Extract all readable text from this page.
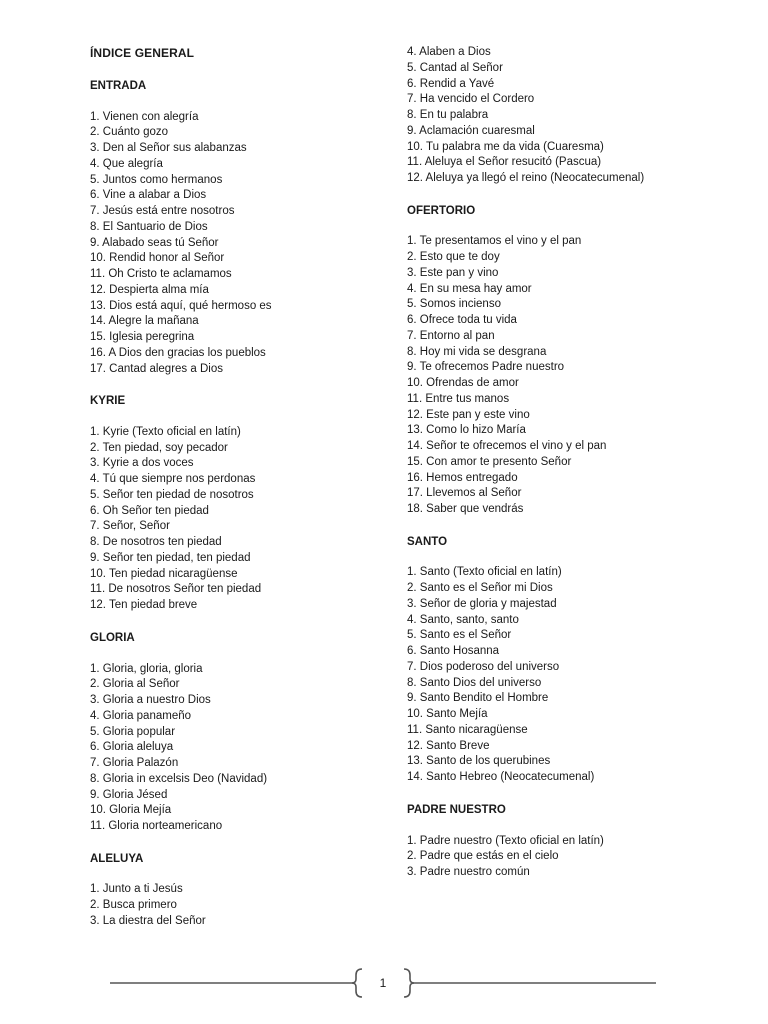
ÍNDICE GENERAL
ENTRADA
1. Vienen con alegría
2. Cuánto gozo
3. Den al Señor sus alabanzas
4. Que alegría
5. Juntos como hermanos
6. Vine a alabar a Dios
7. Jesús está entre nosotros
8. El Santuario de Dios
9. Alabado seas tú Señor
10. Rendid honor al Señor
11. Oh Cristo te aclamamos
12. Despierta alma mía
13. Dios está aquí, qué hermoso es
14. Alegre la mañana
15. Iglesia peregrina
16. A Dios den gracias los pueblos
17. Cantad alegres a Dios
KYRIE
1. Kyrie (Texto oficial en latín)
2. Ten piedad, soy pecador
3. Kyrie a dos voces
4. Tú que siempre nos perdonas
5. Señor ten piedad de nosotros
6. Oh Señor ten piedad
7. Señor, Señor
8. De nosotros ten piedad
9. Señor ten piedad, ten piedad
10. Ten piedad nicaragüense
11. De nosotros Señor ten piedad
12. Ten piedad breve
GLORIA
1. Gloria, gloria, gloria
2. Gloria al Señor
3. Gloria a nuestro Dios
4. Gloria panameño
5. Gloria popular
6. Gloria aleluya
7. Gloria Palazón
8. Gloria in excelsis Deo (Navidad)
9. Gloria Jésed
10. Gloria Mejía
11. Gloria norteamericano
ALELUYA
1. Junto a ti Jesús
2. Busca primero
3. La diestra del Señor
4. Alaben a Dios
5. Cantad al Señor
6. Rendid a Yavé
7. Ha vencido el Cordero
8. En tu palabra
9. Aclamación cuaresmal
10. Tu palabra me da vida (Cuaresma)
11. Aleluya el Señor resucitó (Pascua)
12. Aleluya ya llegó el reino (Neocatecumenal)
OFERTORIO
1. Te presentamos el vino y el pan
2. Esto que te doy
3. Este pan y vino
4. En su mesa hay amor
5. Somos incienso
6. Ofrece toda tu vida
7. Entorno al pan
8. Hoy mi vida se desgrana
9. Te ofrecemos Padre nuestro
10. Ofrendas de amor
11. Entre tus manos
12. Este pan y este vino
13. Como lo hizo María
14. Señor te ofrecemos el vino y el pan
15. Con amor te presento Señor
16. Hemos entregado
17. Llevemos al Señor
18. Saber que vendrás
SANTO
1. Santo (Texto oficial en latín)
2. Santo es el Señor mi Dios
3. Señor de gloria y majestad
4. Santo, santo, santo
5. Santo es el Señor
6. Santo Hosanna
7. Dios poderoso del universo
8. Santo Dios del universo
9. Santo Bendito el Hombre
10. Santo Mejía
11. Santo nicaragüense
12. Santo Breve
13. Santo de los querubines
14. Santo Hebreo (Neocatecumenal)
PADRE NUESTRO
1. Padre nuestro (Texto oficial en latín)
2. Padre que estás en el cielo
3. Padre nuestro común
1
